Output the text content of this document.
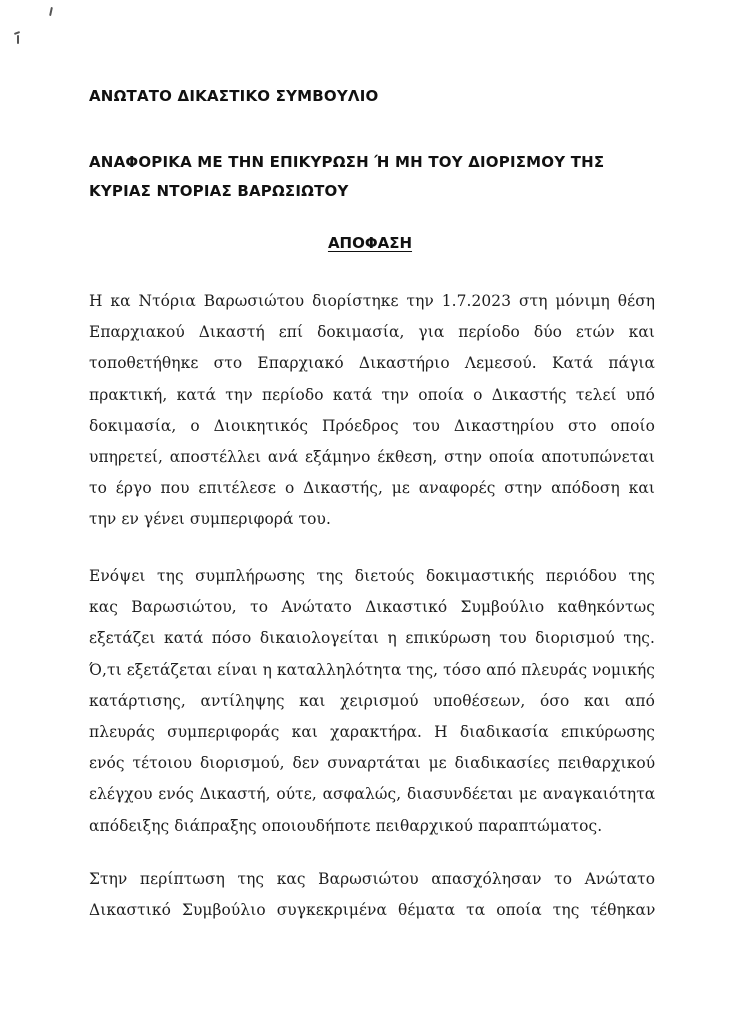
ΑΝΩΤΑΤΟ ΔΙΚΑΣΤΙΚΟ ΣΥΜΒΟΥΛΙΟ
ΑΝΑΦΟΡΙΚΑ ΜΕ ΤΗΝ ΕΠΙΚΥΡΩΣΗ Ή ΜΗ ΤΟΥ ΔΙΟΡΙΣΜΟΥ ΤΗΣ
ΚΥΡΙΑΣ ΝΤΟΡΙΑΣ ΒΑΡΩΣΙΩΤΟΥ
ΑΠΟΦΑΣΗ
Η κα Ντόρια Βαρωσιώτου διορίστηκε την 1.7.2023 στη μόνιμη θέση
Επαρχιακού Δικαστή επί δοκιμασία, για περίοδο δύο ετών και
τοποθετήθηκε στο Επαρχιακό Δικαστήριο Λεμεσού. Κατά πάγια
πρακτική, κατά την περίοδο κατά την οποία ο Δικαστής τελεί υπό
δοκιμασία, ο Διοικητικός Πρόεδρος του Δικαστηρίου στο οποίο
υπηρετεί, αποστέλλει ανά εξάμηνο έκθεση, στην οποία αποτυπώνεται
το έργο που επιτέλεσε ο Δικαστής, με αναφορές στην απόδοση και
την εν γένει συμπεριφορά του.
Ενόψει της συμπλήρωσης της διετούς δοκιμαστικής περιόδου της
κας Βαρωσιώτου, το Ανώτατο Δικαστικό Συμβούλιο καθηκόντως
εξετάζει κατά πόσο δικαιολογείται η επικύρωση του διορισμού της.
Ό,τι εξετάζεται είναι η καταλληλότητα της, τόσο από πλευράς νομικής
κατάρτισης, αντίληψης και χειρισμού υποθέσεων, όσο και από
πλευράς συμπεριφοράς και χαρακτήρα. Η διαδικασία επικύρωσης
ενός τέτοιου διορισμού, δεν συναρτάται με διαδικασίες πειθαρχικού
ελέγχου ενός Δικαστή, ούτε, ασφαλώς, διασυνδέεται με αναγκαιότητα
απόδειξης διάπραξης οποιουδήποτε πειθαρχικού παραπτώματος.
Στην περίπτωση της κας Βαρωσιώτου απασχόλησαν το Ανώτατο
Δικαστικό Συμβούλιο συγκεκριμένα θέματα τα οποία της τέθηκαν
